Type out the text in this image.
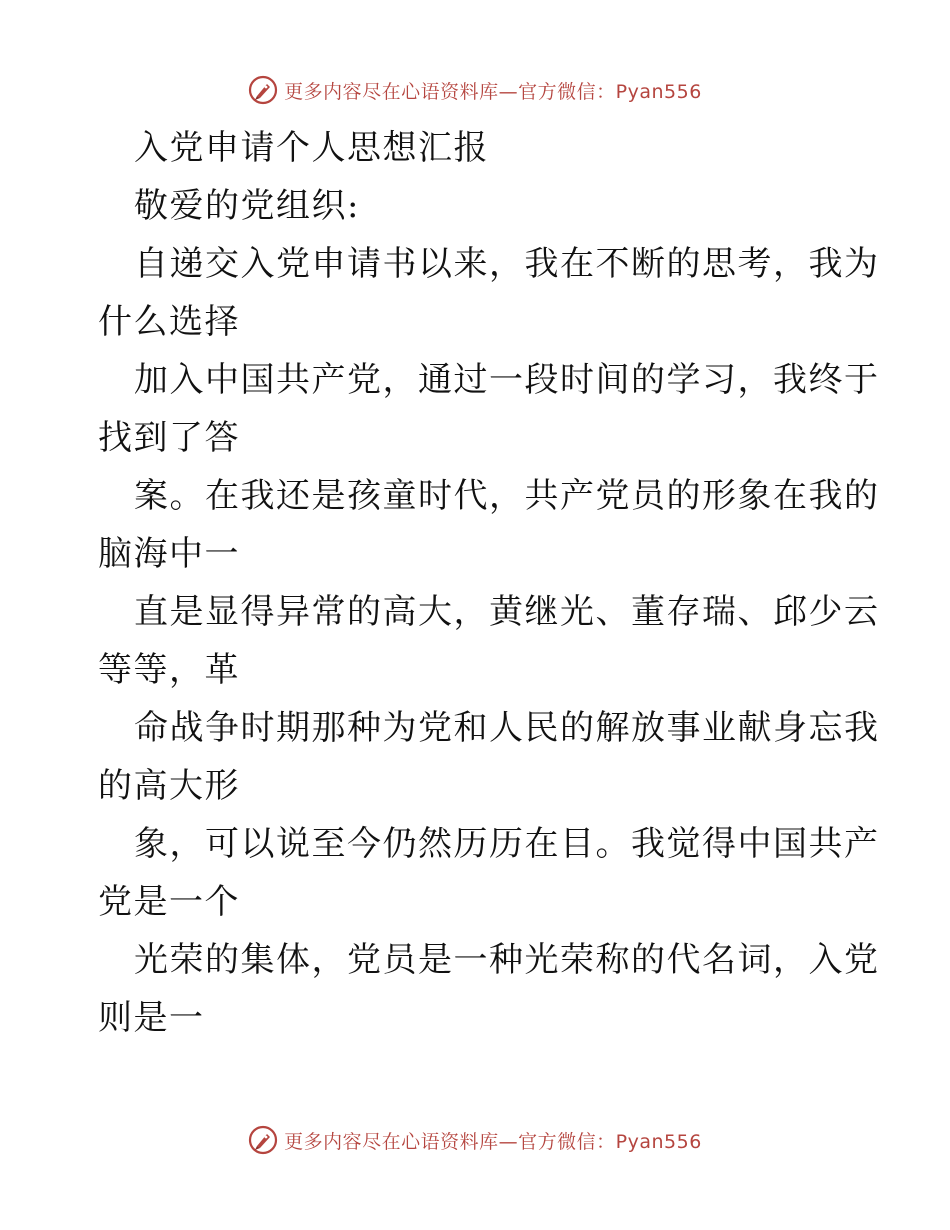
更多内容尽在心语资料库—官方微信：Pyan556
入党申请个人思想汇报
敬爱的党组织:
自递交入党申请书以来，我在不断的思考，我为
什么选择
加入中国共产党，通过一段时间的学习，我终于
找到了答
案。在我还是孩童时代，共产党员的形象在我的
脑海中一
直是显得异常的高大，黄继光、董存瑞、邱少云
等等，革
命战争时期那种为党和人民的解放事业献身忘我
的高大形
象，可以说至今仍然历历在目。我觉得中国共产
党是一个
光荣的集体，党员是一种光荣称的代名词，入党
则是一
更多内容尽在心语资料库—官方微信：Pyan556
